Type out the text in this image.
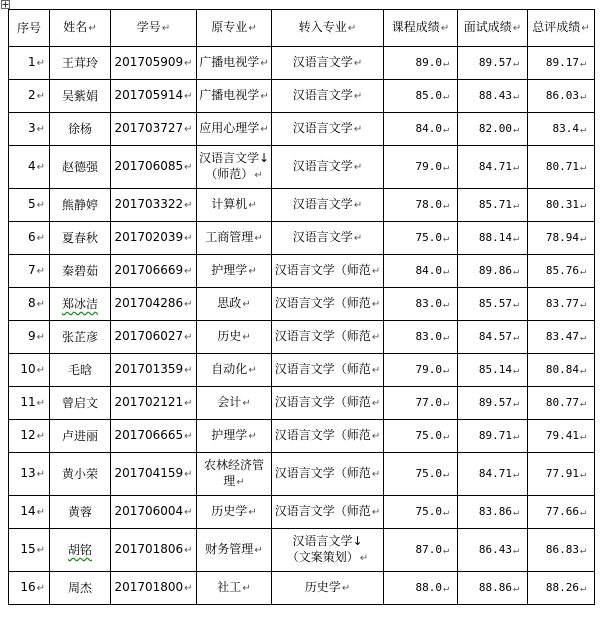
序号	姓名↵	学号↵	原专业↵	转入专业↵	课程成绩↵	面试成绩↵	总评成绩↵
1↵	王茸玲	201705909↵	广播电视学↵	汉语言文学↵	89.0↵	89.57↵	89.17↵
2↵	吴紫娟	201705914↵	广播电视学↵	汉语言文学↵	85.0↵	88.43↵	86.03↵
3↵	徐杨	201703727↵	应用心理学↵	汉语言文学↵	84.0↵	82.00↵	83.4↵
4↵	赵德强	201706085↵	汉语言文学↓
（师范）↵	汉语言文学↵	79.0↵	84.71↵	80.71↵
5↵	熊静婷	201703322↵	计算机↵	汉语言文学↵	78.0↵	85.71↵	80.31↵
6↵	夏春秋	201702039↵	工商管理↵	汉语言文学↵	75.0↵	88.14↵	78.94↵
7↵	秦碧茹	201706669↵	护理学↵	汉语言文学（师范↵	84.0↵	89.86↵	85.76↵
8↵	郑冰洁	201704286↵	思政↵	汉语言文学（师范↵	83.0↵	85.57↵	83.77↵
9↵	张芷彦	201706027↵	历史↵	汉语言文学（师范↵	83.0↵	84.57↵	83.47↵
10↵	毛晗	201701359↵	自动化↵	汉语言文学（师范↵	79.0↵	85.14↵	80.84↵
11↵	曾启文	201702121↵	会计↵	汉语言文学（师范↵	77.0↵	89.57↵	80.77↵
12↵	卢进丽	201706665↵	护理学↵	汉语言文学（师范↵	75.0↵	89.71↵	79.41↵
13↵	黄小荣	201704159↵	农林经济管
理↵	汉语言文学（师范↵	75.0↵	84.71↵	77.91↵
14↵	黄蓉	201706004↵	历史学↵	汉语言文学（师范↵	75.0↵	83.86↵	77.66↵
15↵	胡铭	201701806↵	财务管理↵	汉语言文学↓
（文案策划）↵	87.0↵	86.43↵	86.83↵
16↵	周杰	201701800↵	社工↵	历史学↵	88.0↵	88.86↵	88.26↵
